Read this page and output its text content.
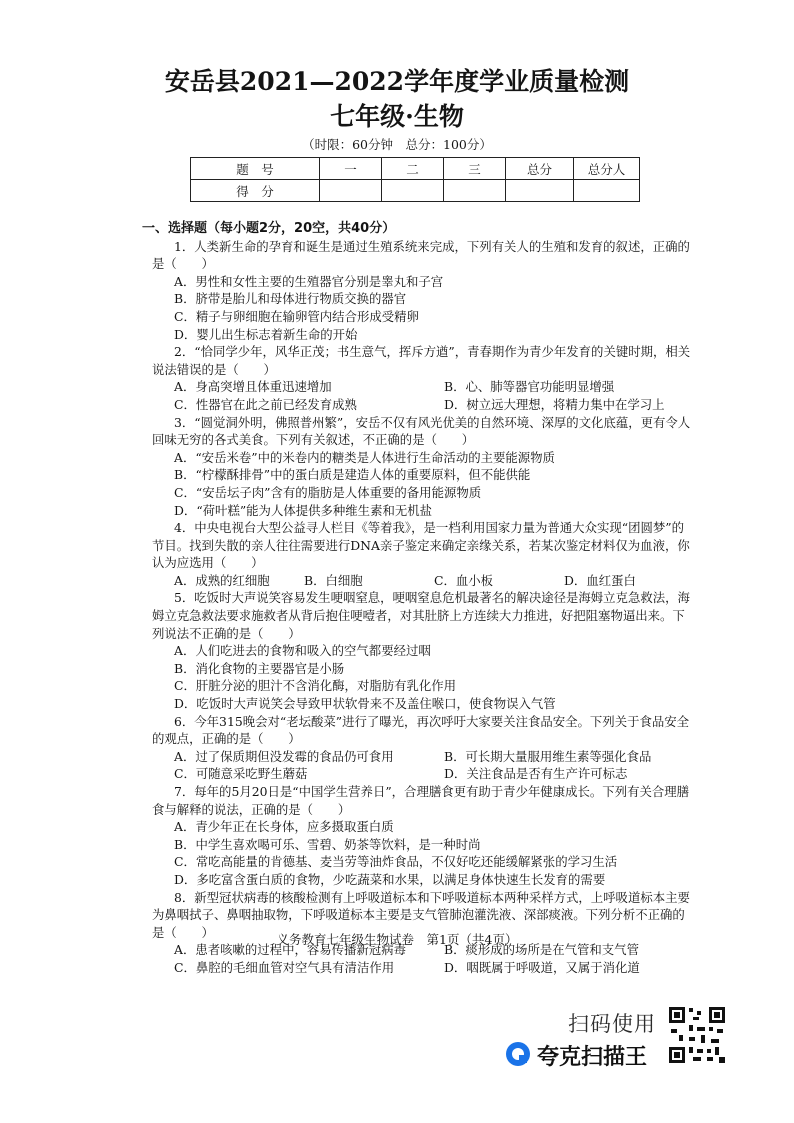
安岳县2021—2022学年度学业质量检测
七年级·生物
（时限：60分钟　总分：100分）
题　号	一	二	三	总分	总分人
得　分					
一、选择题（每小题2分，20空，共40分）
1．人类新生命的孕育和诞生是通过生殖系统来完成，下列有关人的生殖和发育的叙述，正确的是（　　）
A．男性和女性主要的生殖器官分别是睾丸和子宫
B．脐带是胎儿和母体进行物质交换的器官
C．精子与卵细胞在输卵管内结合形成受精卵
D．婴儿出生标志着新生命的开始
2．“恰同学少年，风华正茂；书生意气，挥斥方遒”，青春期作为青少年发育的关键时期，相关说法错误的是（　　）
A．身高突增且体重迅速增加	B．心、肺等器官功能明显增强
C．性器官在此之前已经发育成熟	D．树立远大理想，将精力集中在学习上
3．“圆觉洞外明，佛照普州繁”，安岳不仅有风光优美的自然环境、深厚的文化底蕴，更有令人回味无穷的各式美食。下列有关叙述，不正确的是（　　）
A．“安岳米卷”中的米卷内的糖类是人体进行生命活动的主要能源物质
B．“柠檬酥排骨”中的蛋白质是建造人体的重要原料，但不能供能
C．“安岳坛子肉”含有的脂肪是人体重要的备用能源物质
D．“荷叶糕”能为人体提供多种维生素和无机盐
4．中央电视台大型公益寻人栏目《等着我》，是一档利用国家力量为普通大众实现“团圆梦”的节目。找到失散的亲人往往需要进行DNA亲子鉴定来确定亲缘关系，若某次鉴定材料仅为血液，你认为应选用（　　）
A．成熟的红细胞	B．白细胞	C．血小板	D．血红蛋白
5．吃饭时大声说笑容易发生哽咽窒息，哽咽窒息危机最著名的解决途径是海姆立克急救法，海姆立克急救法要求施救者从背后抱住哽噎者，对其肚脐上方连续大力推进，好把阻塞物逼出来。下列说法不正确的是（　　）
A．人们吃进去的食物和吸入的空气都要经过咽
B．消化食物的主要器官是小肠
C．肝脏分泌的胆汁不含消化酶，对脂肪有乳化作用
D．吃饭时大声说笑会导致甲状软骨来不及盖住喉口，使食物误入气管
6．今年315晚会对“老坛酸菜”进行了曝光，再次呼吁大家要关注食品安全。下列关于食品安全的观点，正确的是（　　）
A．过了保质期但没发霉的食品仍可食用	B．可长期大量服用维生素等强化食品
C．可随意采吃野生蘑菇	D．关注食品是否有生产许可标志
7．每年的5月20日是“中国学生营养日”，合理膳食更有助于青少年健康成长。下列有关合理膳食与解释的说法，正确的是（　　）
A．青少年正在长身体，应多摄取蛋白质
B．中学生喜欢喝可乐、雪碧、奶茶等饮料，是一种时尚
C．常吃高能量的肯德基、麦当劳等油炸食品，不仅好吃还能缓解紧张的学习生活
D．多吃富含蛋白质的食物，少吃蔬菜和水果，以满足身体快速生长发育的需要
8．新型冠状病毒的核酸检测有上呼吸道标本和下呼吸道标本两种采样方式，上呼吸道标本主要为鼻咽拭子、鼻咽抽取物，下呼吸道标本主要是支气管肺泡灌洗液、深部痰液。下列分析不正确的是（　　）
A．患者咳嗽的过程中，容易传播新冠病毒	B．痰形成的场所是在气管和支气管
C．鼻腔的毛细血管对空气具有清洁作用	D．咽既属于呼吸道，又属于消化道
义务教育七年级生物试卷　第1页（共4页）
扫码使用
夸克扫描王
